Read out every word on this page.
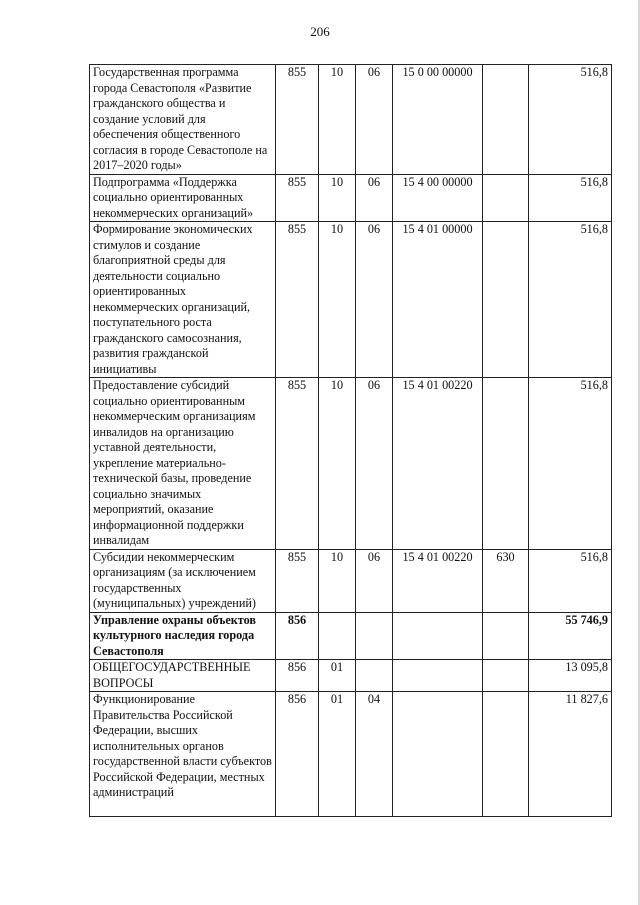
206
Государственная программа города Севастополя «Развитие гражданского общества и создание условий для обеспечения общественного согласия в городе Севастополе на 2017–2020 годы»	855	10	06	15 0 00 00000		516,8
Подпрограмма «Поддержка социально ориентированных некоммерческих организаций»	855	10	06	15 4 00 00000		516,8
Формирование экономических стимулов и создание благоприятной среды для деятельности социально ориентированных некоммерческих организаций, поступательного роста гражданского самосознания, развития гражданской инициативы	855	10	06	15 4 01 00000		516,8
Предоставление субсидий социально ориентированным некоммерческим организациям инвалидов на организацию уставной деятельности, укрепление материально-технической базы, проведение социально значимых мероприятий, оказание информационной поддержки инвалидам	855	10	06	15 4 01 00220		516,8
Субсидии некоммерческим организациям (за исключением государственных (муниципальных) учреждений)	855	10	06	15 4 01 00220	630	516,8
Управление охраны объектов культурного наследия города Севастополя	856					55 746,9
ОБЩЕГОСУДАРСТВЕННЫЕ ВОПРОСЫ	856	01				13 095,8
Функционирование Правительства Российской Федерации, высших исполнительных органов государственной власти субъектов Российской Федерации, местных администраций	856	01	04			11 827,6
